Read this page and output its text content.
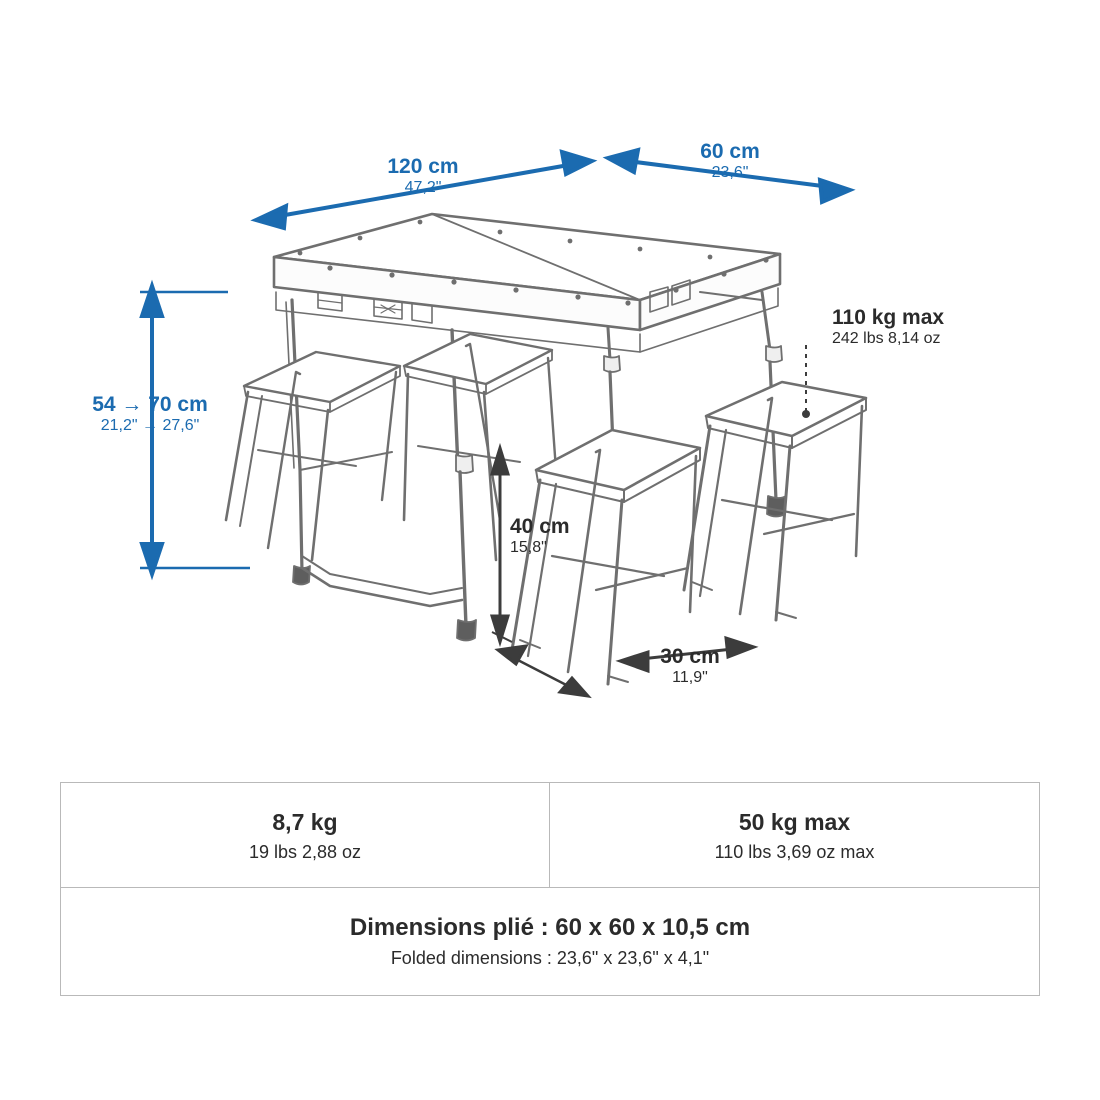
120 cm
47,2"
60 cm
23,6"
54 → 70 cm
21,2" → 27,6"
40 cm
15,8"
30 cm
11,9"
110 kg max
242 lbs 8,14 oz
8,7 kg
19 lbs 2,88 oz
50 kg max
110 lbs 3,69 oz max
Dimensions plié : 60 x 60 x 10,5 cm
Folded dimensions : 23,6" x 23,6" x 4,1"
